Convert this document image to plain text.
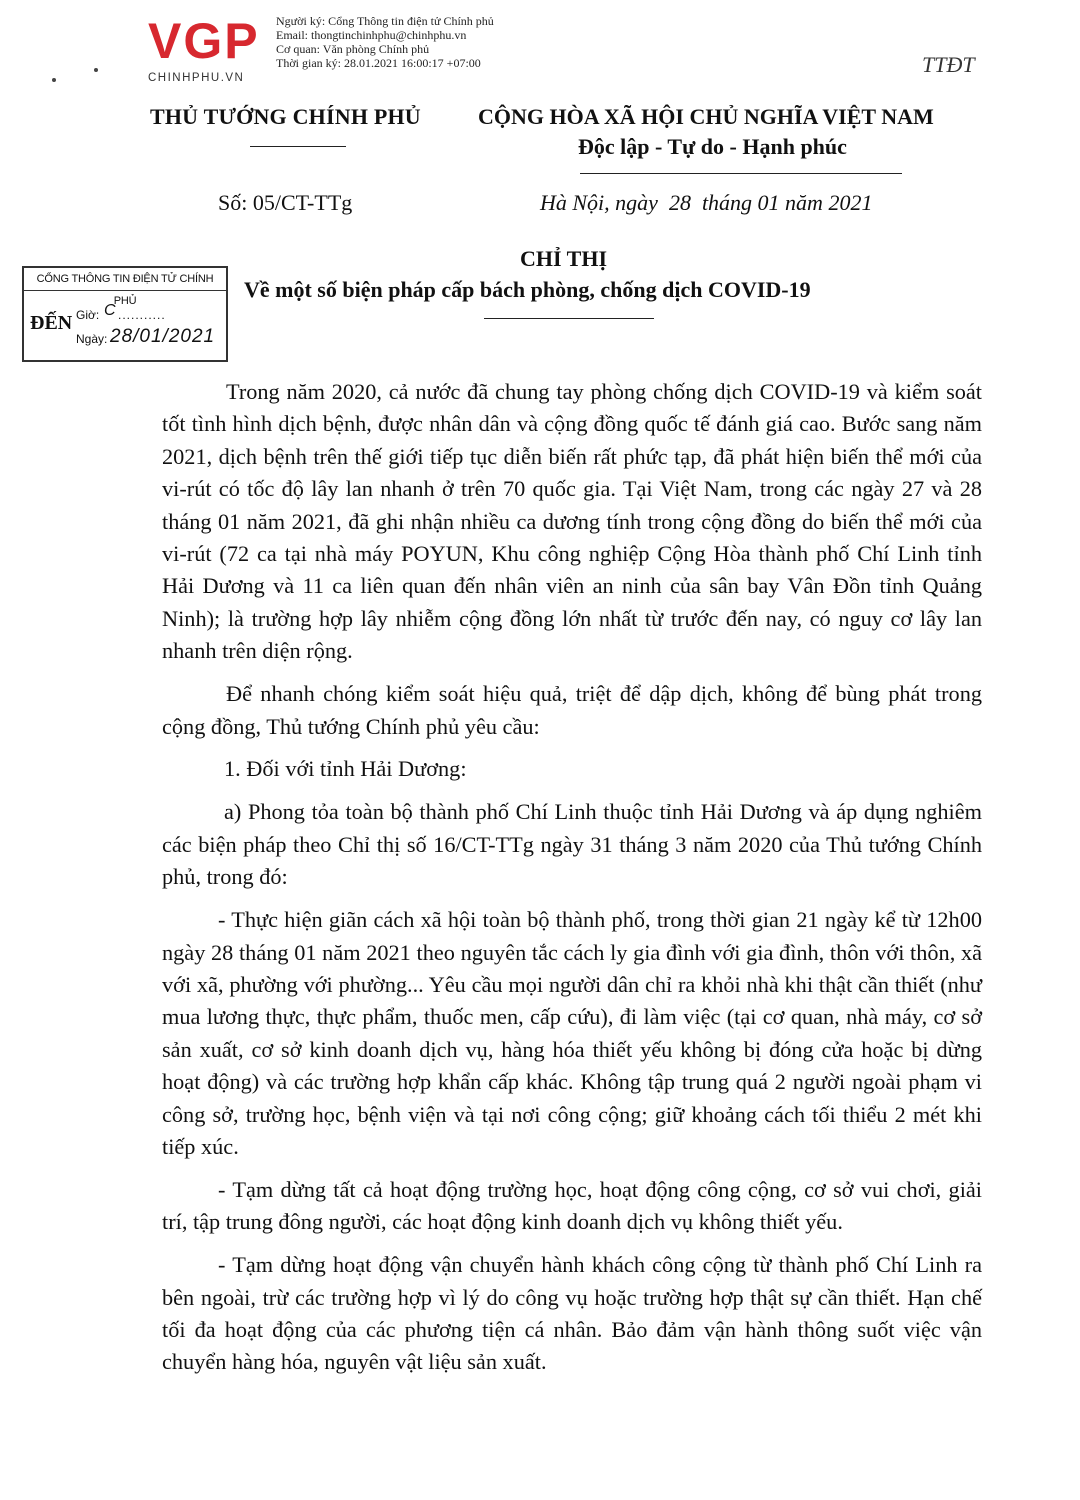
VGP
CHINHPHU.VN
Người ký: Cổng Thông tin điện tử Chính phủ
Email: thongtinchinhphu@chinhphu.vn
Cơ quan: Văn phòng Chính phủ
Thời gian ký: 28.01.2021 16:00:17 +07:00	TTĐT
THỦ TƯỚNG CHÍNH PHỦ	CỘNG HÒA XÃ HỘI CHỦ NGHĨA VIỆT NAM
Độc lập - Tự do - Hạnh phúc
Số: 05/CT-TTg	Hà Nội, ngày  28  tháng 01 năm 2021
CỔNG THÔNG TIN ĐIỆN TỬ CHÍNH PHỦ
ĐẾN Giờ: C ...........
Ngày: 28/01/2021
CHỈ THỊ
Về một số biện pháp cấp bách phòng, chống dịch COVID-19

Trong năm 2020, cả nước đã chung tay phòng chống dịch COVID-19 và kiểm soát tốt tình hình dịch bệnh, được nhân dân và cộng đồng quốc tế đánh giá cao. Bước sang năm 2021, dịch bệnh trên thế giới tiếp tục diễn biến rất phức tạp, đã phát hiện biến thể mới của vi-rút có tốc độ lây lan nhanh ở trên 70 quốc gia. Tại Việt Nam, trong các ngày 27 và 28 tháng 01 năm 2021, đã ghi nhận nhiều ca dương tính trong cộng đồng do biến thể mới của vi-rút (72 ca tại nhà máy POYUN, Khu công nghiệp Cộng Hòa thành phố Chí Linh tỉnh Hải Dương và 11 ca liên quan đến nhân viên an ninh của sân bay Vân Đồn tỉnh Quảng Ninh); là trường hợp lây nhiễm cộng đồng lớn nhất từ trước đến nay, có nguy cơ lây lan nhanh trên diện rộng.

Để nhanh chóng kiểm soát hiệu quả, triệt để dập dịch, không để bùng phát trong cộng đồng, Thủ tướng Chính phủ yêu cầu:

1. Đối với tỉnh Hải Dương:

a) Phong tỏa toàn bộ thành phố Chí Linh thuộc tỉnh Hải Dương và áp dụng nghiêm các biện pháp theo Chỉ thị số 16/CT-TTg ngày 31 tháng 3 năm 2020 của Thủ tướng Chính phủ, trong đó:

- Thực hiện giãn cách xã hội toàn bộ thành phố, trong thời gian 21 ngày kể từ 12h00 ngày 28 tháng 01 năm 2021 theo nguyên tắc cách ly gia đình với gia đình, thôn với thôn, xã với xã, phường với phường... Yêu cầu mọi người dân chỉ ra khỏi nhà khi thật cần thiết (như mua lương thực, thực phẩm, thuốc men, cấp cứu), đi làm việc (tại cơ quan, nhà máy, cơ sở sản xuất, cơ sở kinh doanh dịch vụ, hàng hóa thiết yếu không bị đóng cửa hoặc bị dừng hoạt động) và các trường hợp khẩn cấp khác. Không tập trung quá 2 người ngoài phạm vi công sở, trường học, bệnh viện và tại nơi công cộng; giữ khoảng cách tối thiểu 2 mét khi tiếp xúc.

- Tạm dừng tất cả hoạt động trường học, hoạt động công cộng, cơ sở vui chơi, giải trí, tập trung đông người, các hoạt động kinh doanh dịch vụ không thiết yếu.

- Tạm dừng hoạt động vận chuyển hành khách công cộng từ thành phố Chí Linh ra bên ngoài, trừ các trường hợp vì lý do công vụ hoặc trường hợp thật sự cần thiết. Hạn chế tối đa hoạt động của các phương tiện cá nhân. Bảo đảm vận hành thông suốt việc vận chuyển hàng hóa, nguyên vật liệu sản xuất.
